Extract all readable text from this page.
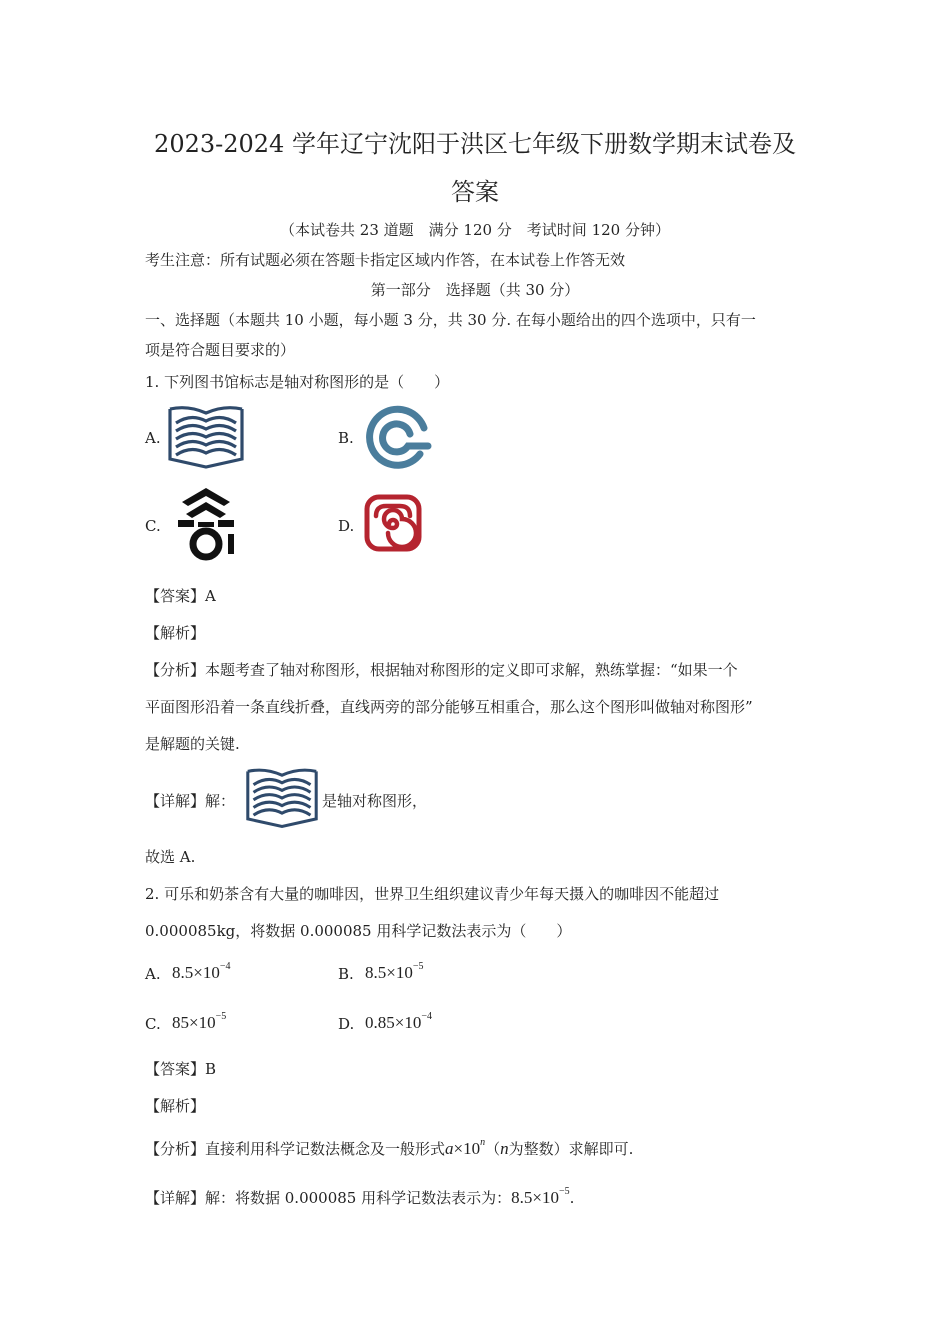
2023-2024 学年辽宁沈阳于洪区七年级下册数学期末试卷及
答案
（本试卷共 23 道题　满分 120 分　考试时间 120 分钟）
考生注意：所有试题必须在答题卡指定区域内作答，在本试卷上作答无效
第一部分　选择题（共 30 分）
一、选择题（本题共 10 小题，每小题 3 分，共 30 分. 在每小题给出的四个选项中，只有一
项是符合题目要求的）
1. 下列图书馆标志是轴对称图形的是（　　）
A.	B.
C.	D.
【答案】A
【解析】
【分析】本题考查了轴对称图形，根据轴对称图形的定义即可求解，熟练掌握：“如果一个
平面图形沿着一条直线折叠，直线两旁的部分能够互相重合，那么这个图形叫做轴对称图形”
是解题的关键.
【详解】解：	是轴对称图形，
故选 A.
2. 可乐和奶茶含有大量的咖啡因，世界卫生组织建议青少年每天摄入的咖啡因不能超过
0.000085kg，将数据 0.000085 用科学记数法表示为（　　）
A. $8.5\times 10^{-4}$	B. $8.5\times 10^{-5}$
C. $85\times 10^{-5}$	D. $0.85\times 10^{-4}$
【答案】B
【解析】
【分析】直接利用科学记数法概念及一般形式$a\times 10^n(n$为整数）求解即可.
【详解】解：将数据 0.000085 用科学记数法表示为：$8.5\times 10^{-5}$.
